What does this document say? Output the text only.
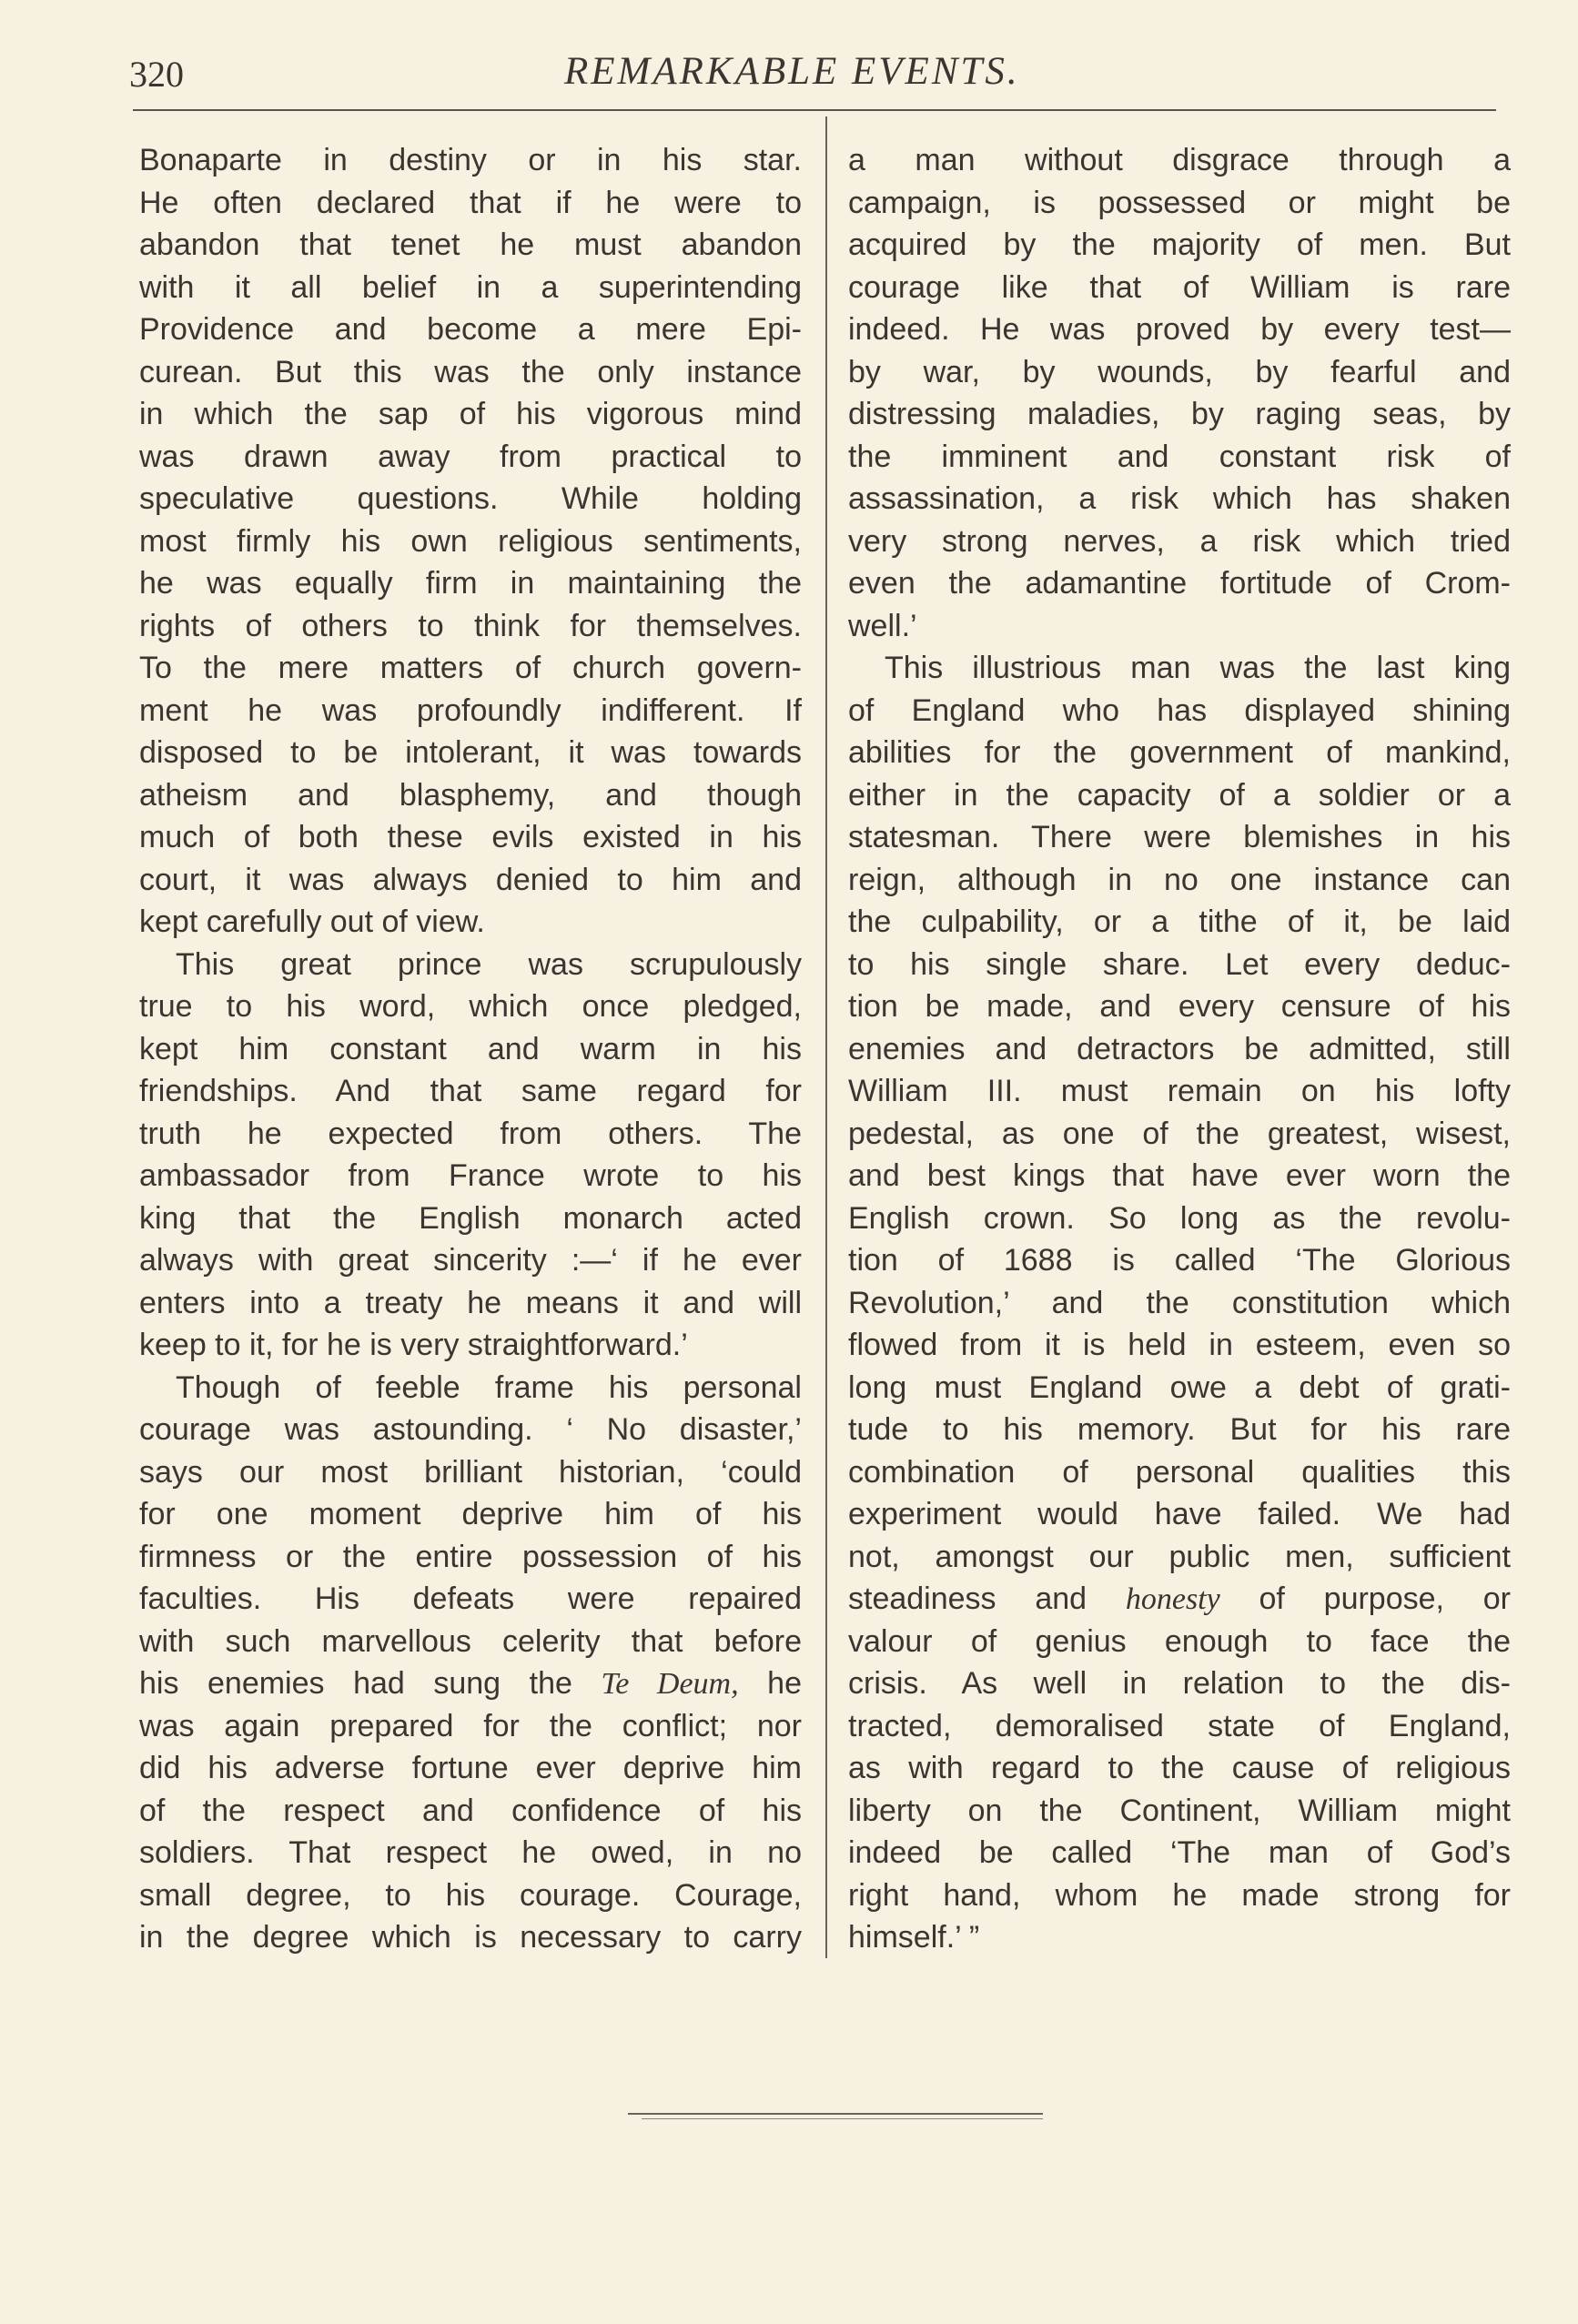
320	REMARKABLE EVENTS.
Bonaparte in destiny or in his star.
He often declared that if he were to
abandon that tenet he must abandon
with it all belief in a superintending
Providence and become a mere Epi-
curean. But this was the only instance
in which the sap of his vigorous mind
was drawn away from practical to
speculative questions. While holding
most firmly his own religious sentiments,
he was equally firm in maintaining the
rights of others to think for themselves.
To the mere matters of church govern-
ment he was profoundly indifferent. If
disposed to be intolerant, it was towards
atheism and blasphemy, and though
much of both these evils existed in his
court, it was always denied to him and
kept carefully out of view.
This great prince was scrupulously
true to his word, which once pledged,
kept him constant and warm in his
friendships. And that same regard for
truth he expected from others. The
ambassador from France wrote to his
king that the English monarch acted
always with great sincerity :—‘ if he ever
enters into a treaty he means it and will
keep to it, for he is very straightforward.’
Though of feeble frame his personal
courage was astounding. ‘ No disaster,’
says our most brilliant historian, ‘could
for one moment deprive him of his
firmness or the entire possession of his
faculties. His defeats were repaired
with such marvellous celerity that before
his enemies had sung the Te Deum, he
was again prepared for the conflict; nor
did his adverse fortune ever deprive him
of the respect and confidence of his
soldiers. That respect he owed, in no
small degree, to his courage. Courage,
in the degree which is necessary to carry
a man without disgrace through a
campaign, is possessed or might be
acquired by the majority of men. But
courage like that of William is rare
indeed. He was proved by every test—
by war, by wounds, by fearful and
distressing maladies, by raging seas, by
the imminent and constant risk of
assassination, a risk which has shaken
very strong nerves, a risk which tried
even the adamantine fortitude of Crom-
well.’
This illustrious man was the last king
of England who has displayed shining
abilities for the government of mankind,
either in the capacity of a soldier or a
statesman. There were blemishes in his
reign, although in no one instance can
the culpability, or a tithe of it, be laid
to his single share. Let every deduc-
tion be made, and every censure of his
enemies and detractors be admitted, still
William III. must remain on his lofty
pedestal, as one of the greatest, wisest,
and best kings that have ever worn the
English crown. So long as the revolu-
tion of 1688 is called ‘The Glorious
Revolution,’ and the constitution which
flowed from it is held in esteem, even so
long must England owe a debt of grati-
tude to his memory. But for his rare
combination of personal qualities this
experiment would have failed. We had
not, amongst our public men, sufficient
steadiness and honesty of purpose, or
valour of genius enough to face the
crisis. As well in relation to the dis-
tracted, demoralised state of England,
as with regard to the cause of religious
liberty on the Continent, William might
indeed be called ‘The man of God’s
right hand, whom he made strong for
himself.’ ”
